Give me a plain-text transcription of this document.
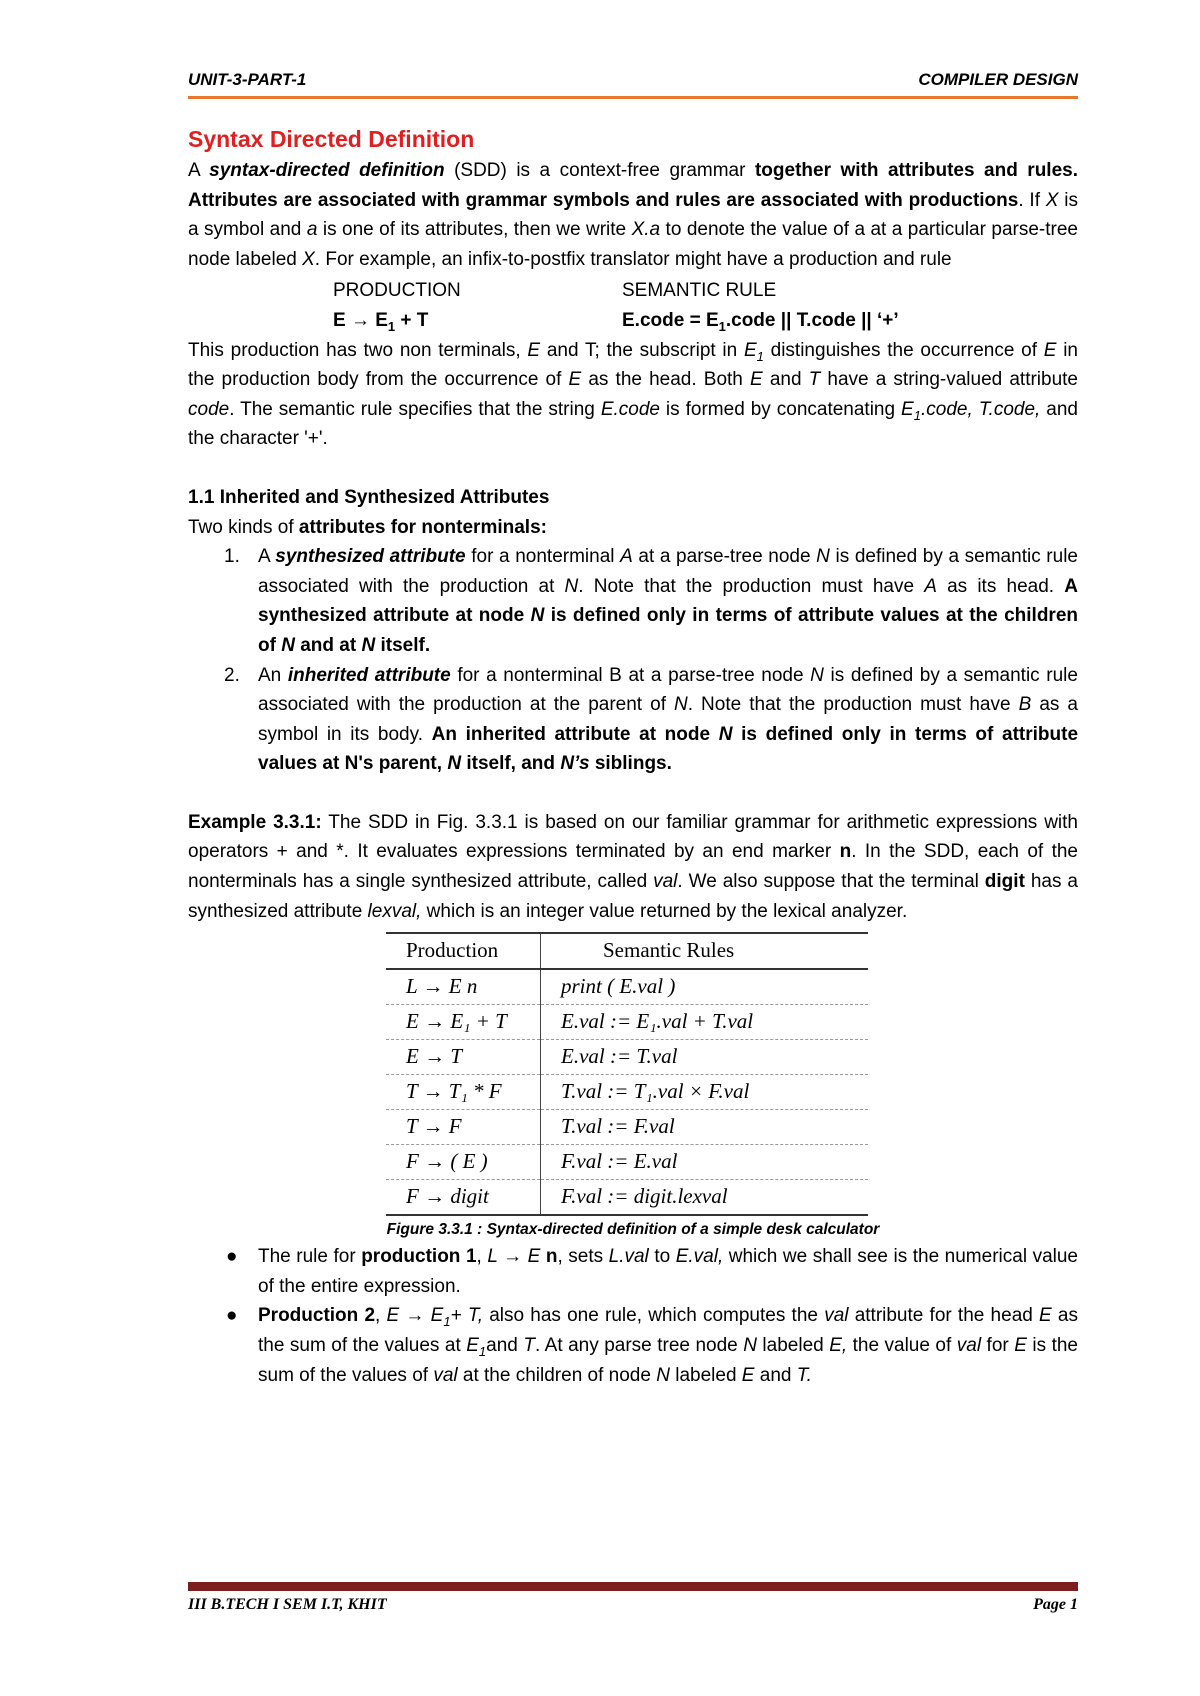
UNIT-3-PART-1	COMPILER DESIGN
Syntax Directed Definition

A syntax-directed definition (SDD) is a context-free grammar together with attributes and rules. Attributes are associated with grammar symbols and rules are associated with productions. If X is a symbol and a is one of its attributes, then we write X.a to denote the value of a at a particular parse-tree node labeled X. For example, an infix-to-postfix translator might have a production and rule

PRODUCTION	SEMANTIC RULE
$E \to E_1 + T$	E.code = $E_1.code$ || T.code || ‘+’

This production has two non terminals, E and T; the subscript in $E_1$ distinguishes the occurrence of E in the production body from the occurrence of E as the head. Both E and T have a string-valued attribute code. The semantic rule specifies that the string E.code is formed by concatenating $E_1.code$, T.code, and the character '+'.

1.1 Inherited and Synthesized Attributes
Two kinds of attributes for nonterminals:
1. A synthesized attribute for a nonterminal A at a parse-tree node N is defined by a semantic rule associated with the production at N. Note that the production must have A as its head. A synthesized attribute at node N is defined only in terms of attribute values at the children of N and at N itself.
2. An inherited attribute for a nonterminal B at a parse-tree node N is defined by a semantic rule associated with the production at the parent of N. Note that the production must have B as a symbol in its body. An inherited attribute at node N is defined only in terms of attribute values at N's parent, N itself, and N’s siblings.

Example 3.3.1: The SDD in Fig. 3.3.1 is based on our familiar grammar for arithmetic expressions with operators + and *. It evaluates expressions terminated by an end marker n. In the SDD, each of the nonterminals has a single synthesized attribute, called val. We also suppose that the terminal digit has a synthesized attribute lexval, which is an integer value returned by the lexical analyzer.

Production	Semantic Rules
L → E n	print ( E.val )
E → E₁ + T	E.val := E₁.val + T.val
E → T	E.val := T.val
T → T₁ * F	T.val := T₁.val × F.val
T → F	T.val := F.val
F → ( E )	F.val := E.val
F → digit	F.val := digit.lexval
Figure 3.3.1 : Syntax-directed definition of a simple desk calculator
● The rule for production 1, L → E n, sets L.val to E.val, which we shall see is the numerical value of the entire expression.
● Production 2, $E \to E_1+ T$, also has one rule, which computes the val attribute for the head E as the sum of the values at $E_1and$ T. At any parse tree node N labeled E, the value of val for E is the sum of the values of val at the children of node N labeled E and T.
III B.TECH I SEM I.T, KHIT	Page 1
